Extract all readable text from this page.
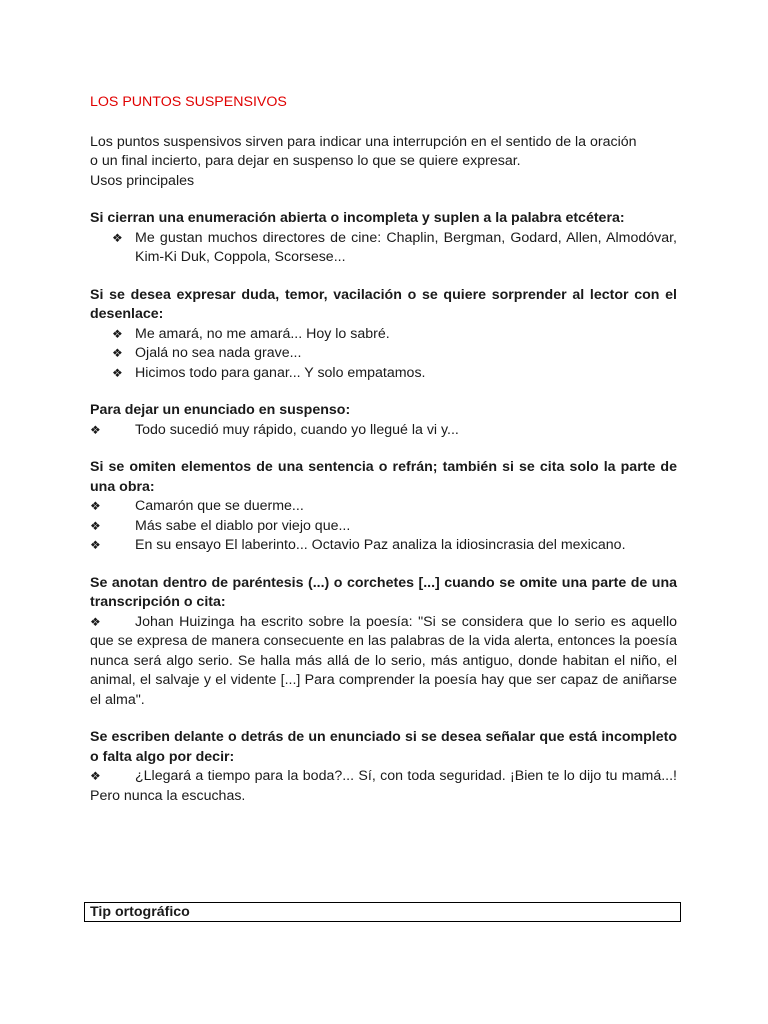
LOS PUNTOS SUSPENSIVOS

Los puntos suspensivos sirven para indicar una interrupción en el sentido de la oración
o un final incierto, para dejar en suspenso lo que se quiere expresar.
Usos principales

Si cierran una enumeración abierta o incompleta y suplen a la palabra etcétera:

❖ Me gustan muchos directores de cine: Chaplin, Bergman, Godard, Allen, Almodóvar, Kim-Ki Duk, Coppola, Scorsese...

Si se desea expresar duda, temor, vacilación o se quiere sorprender al lector con el desenlace:

❖ Me amará, no me amará... Hoy lo sabré.
❖ Ojalá no sea nada grave...
❖ Hicimos todo para ganar... Y solo empatamos.

Para dejar un enunciado en suspenso:

❖ Todo sucedió muy rápido, cuando yo llegué la vi y...

Si se omiten elementos de una sentencia o refrán; también si se cita solo la parte de una obra:

❖ Camarón que se duerme...
❖ Más sabe el diablo por viejo que...
❖ En su ensayo El laberinto... Octavio Paz analiza la idiosincrasia del mexicano.

Se anotan dentro de paréntesis (...) o corchetes [...] cuando se omite una parte de una transcripción o cita:

❖ Johan Huizinga ha escrito sobre la poesía: "Si se considera que lo serio es aquello que se expresa de manera consecuente en las palabras de la vida alerta, entonces la poesía nunca será algo serio. Se halla más allá de lo serio, más antiguo, donde habitan el niño, el animal, el salvaje y el vidente [...] Para comprender la poesía hay que ser capaz de aniñarse el alma".

Se escriben delante o detrás de un enunciado si se desea señalar que está incompleto o falta algo por decir:

❖ ¿Llegará a tiempo para la boda?... Sí, con toda seguridad. ¡Bien te lo dijo tu mamá...! Pero nunca la escuchas.
Tip ortográfico
